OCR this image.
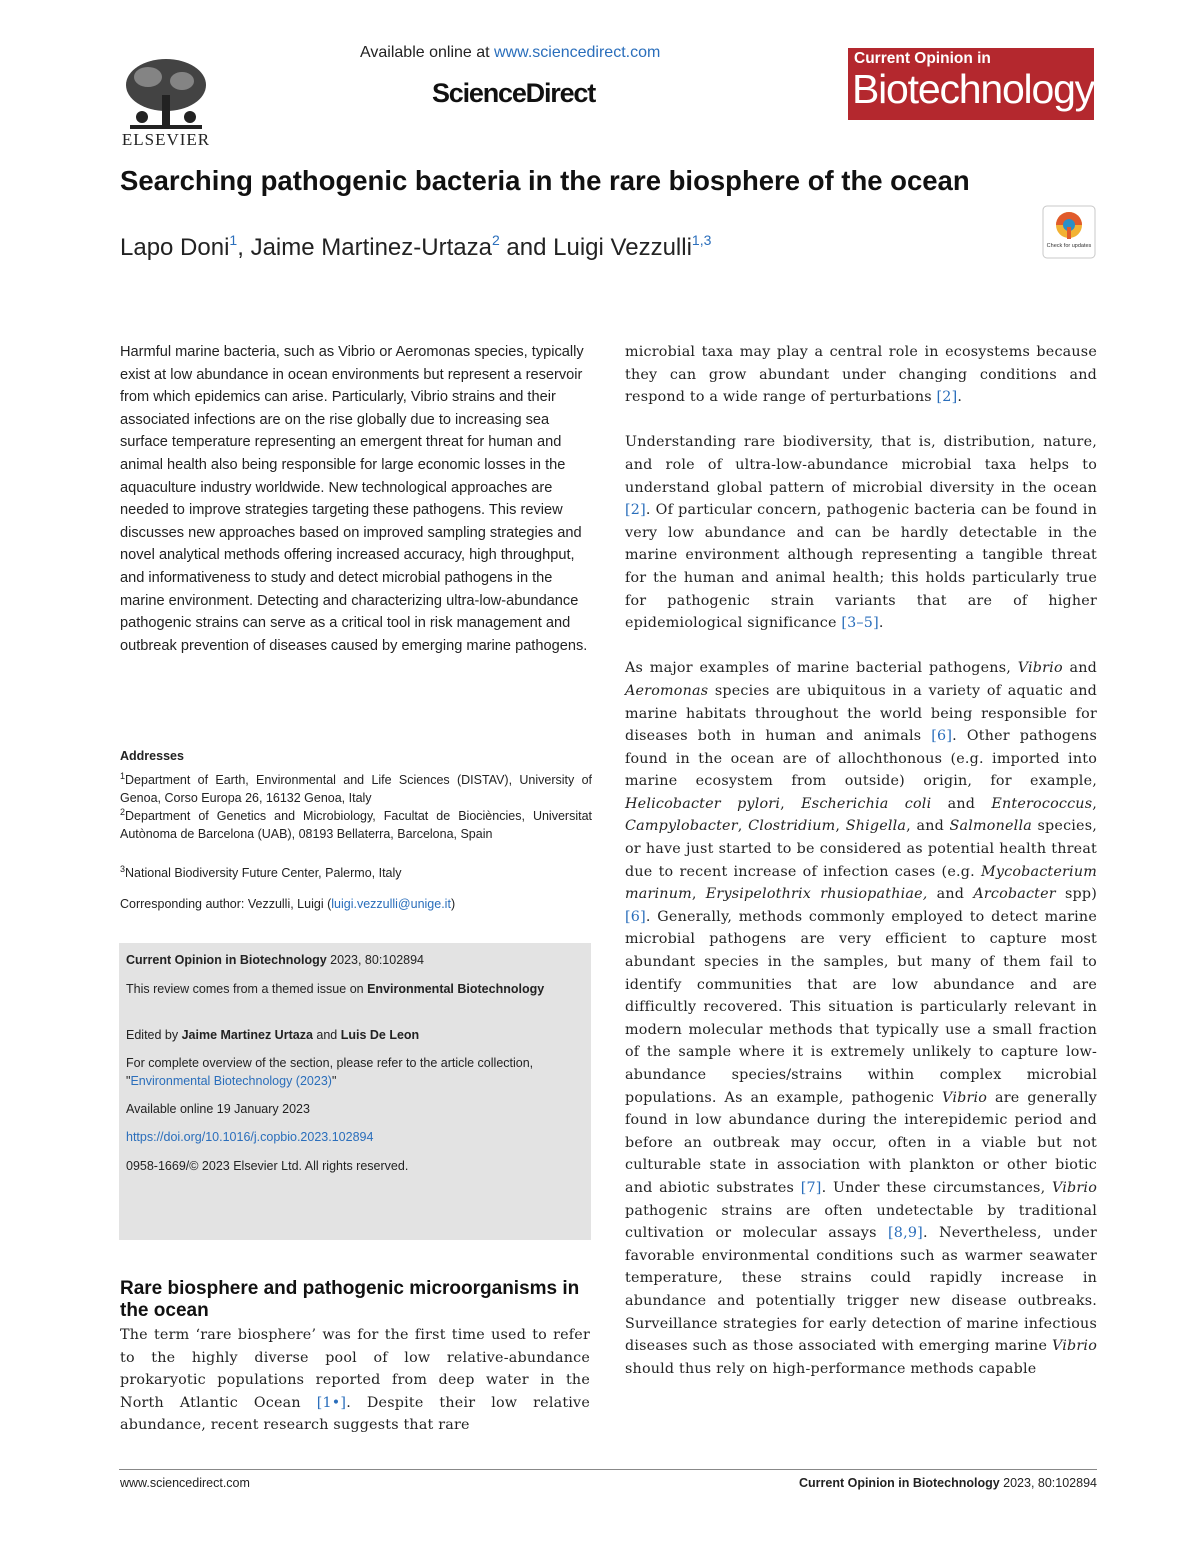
ELSEVIER
Available online at www.sciencedirect.com
ScienceDirect
Current Opinion in
Biotechnology
Searching pathogenic bacteria in the rare biosphere of the ocean
Lapo Doni$^1$, Jaime Martinez-Urtaza$^2$ and Luigi Vezzulli$^{1,3}$	Check for updates
Harmful marine bacteria, such as Vibrio or Aeromonas species, typically exist at low abundance in ocean environments but represent a reservoir from which epidemics can arise. Particularly, Vibrio strains and their associated infections are on the rise globally due to increasing sea surface temperature representing an emergent threat for human and animal health also being responsible for large economic losses in the aquaculture industry worldwide. New technological approaches are needed to improve strategies targeting these pathogens. This review discusses new approaches based on improved sampling strategies and novel analytical methods offering increased accuracy, high throughput, and informativeness to study and detect microbial pathogens in the marine environment. Detecting and characterizing ultra-low-abundance pathogenic strains can serve as a critical tool in risk management and outbreak prevention of diseases caused by emerging marine pathogens.
Addresses
$^1$Department of Earth, Environmental and Life Sciences (DISTAV), University of Genoa, Corso Europa 26, 16132 Genoa, Italy
$^2$Department of Genetics and Microbiology, Facultat de Biociències, Universitat Autònoma de Barcelona (UAB), 08193 Bellaterra, Barcelona, Spain
$^3$National Biodiversity Future Center, Palermo, Italy
Corresponding author: Vezzulli, Luigi (luigi.vezzulli@unige.it)
Current Opinion in Biotechnology 2023, 80:102894
This review comes from a themed issue on Environmental Biotechnology
Edited by Jaime Martinez Urtaza and Luis De Leon
For complete overview of the section, please refer to the article collection, "Environmental Biotechnology (2023)"
Available online 19 January 2023
https://doi.org/10.1016/j.copbio.2023.102894
0958-1669/© 2023 Elsevier Ltd. All rights reserved.
Rare biosphere and pathogenic microorganisms in the ocean
The term ‘rare biosphere’ was for the first time used to refer to the highly diverse pool of low relative-abundance prokaryotic populations reported from deep water in the North Atlantic Ocean [1•]. Despite their low relative abundance, recent research suggests that rare

microbial taxa may play a central role in ecosystems because they can grow abundant under changing conditions and respond to a wide range of perturbations [2].

Understanding rare biodiversity, that is, distribution, nature, and role of ultra-low-abundance microbial taxa helps to understand global pattern of microbial diversity in the ocean [2]. Of particular concern, pathogenic bacteria can be found in very low abundance and can be hardly detectable in the marine environment although representing a tangible threat for the human and animal health; this holds particularly true for pathogenic strain variants that are of higher epidemiological significance [3–5].

As major examples of marine bacterial pathogens, Vibrio and Aeromonas species are ubiquitous in a variety of aquatic and marine habitats throughout the world being responsible for diseases both in human and animals [6]. Other pathogens found in the ocean are of allochthonous (e.g. imported into marine ecosystem from outside) origin, for example, Helicobacter pylori, Escherichia coli and Enterococcus, Campylobacter, Clostridium, Shigella, and Salmonella species, or have just started to be considered as potential health threat due to recent increase of infection cases (e.g. Mycobacterium marinum, Erysipelothrix rhusiopathiae, and Arcobacter spp) [6]. Generally, methods commonly employed to detect marine microbial pathogens are very efficient to capture most abundant species in the samples, but many of them fail to identify communities that are low abundance and are difficultly recovered. This situation is particularly relevant in modern molecular methods that typically use a small fraction of the sample where it is extremely unlikely to capture low-abundance species/strains within complex microbial populations. As an example, pathogenic Vibrio are generally found in low abundance during the interepidemic period and before an outbreak may occur, often in a viable but not culturable state in association with plankton or other biotic and abiotic substrates [7]. Under these circumstances, Vibrio pathogenic strains are often undetectable by traditional cultivation or molecular assays [8,9]. Nevertheless, under favorable environmental conditions such as warmer seawater temperature, these strains could rapidly increase in abundance and potentially trigger new disease outbreaks. Surveillance strategies for early detection of marine infectious diseases such as those associated with emerging marine Vibrio should thus rely on high-performance methods capable

www.sciencedirect.com	Current Opinion in Biotechnology 2023, 80:102894
